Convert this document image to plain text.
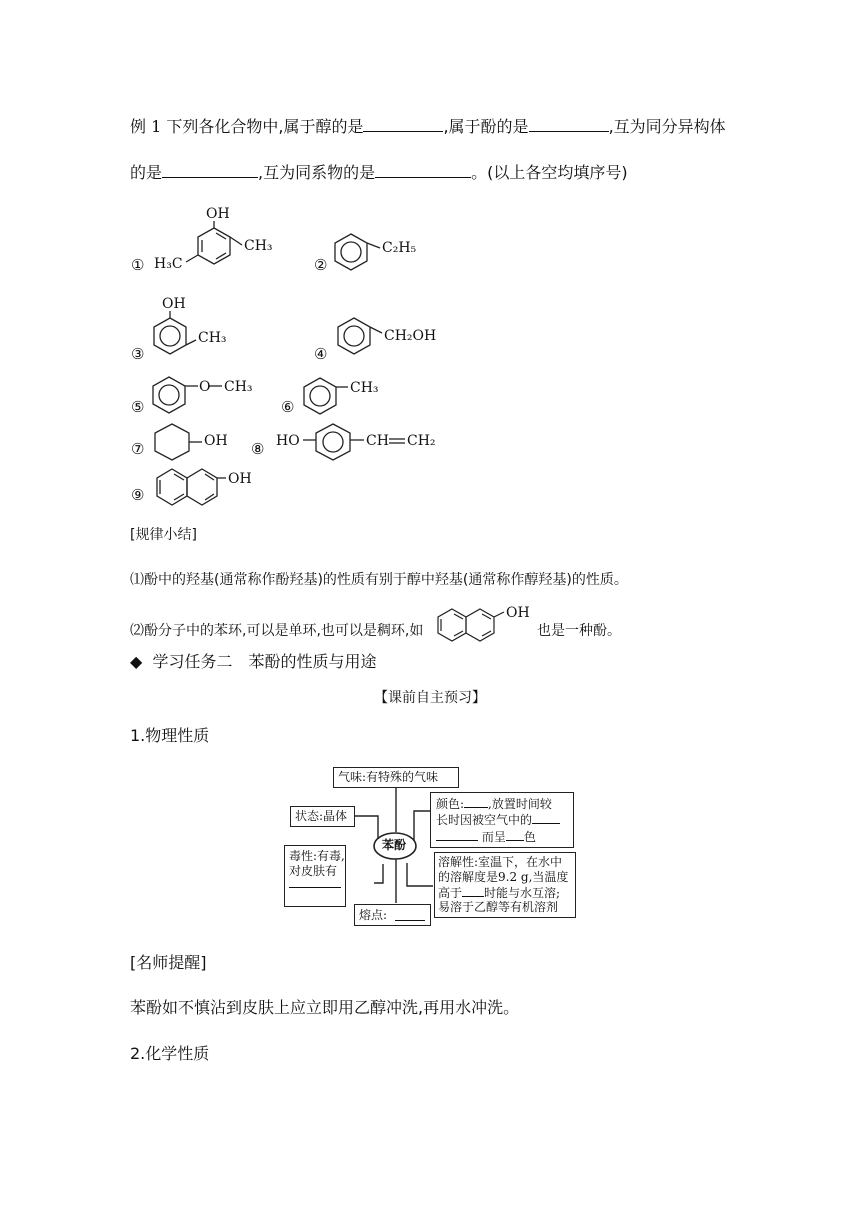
例 1 下列各化合物中,属于醇的是	,属于酚的是	,互为同分异构体
的是	,互为同系物的是	。(以上各空均填序号)
①
OH
CH₃
H₃C	②
C₂H₅
③
OH
CH₃
④
CH₂OH
⑤
O CH₃
⑥
CH₃
⑦	OH ⑧ HO	CH CH₂
⑨
OH
[规律小结]
⑴酚中的羟基(通常称作酚羟基)的性质有别于醇中羟基(通常称作醇羟基)的性质。
⑵酚分子中的苯环,可以是单环,也可以是稠环,如
OH
也是一种酚。
◆ 学习任务二　苯酚的性质与用途
【课前自主预习】
1.物理性质
苯酚
气味:有特殊的气味
状态:晶体
毒性:有毒,
对皮肤有
熔点:
颜色: ,放置时间较
长时因被空气中的
而呈 色
溶解性:室温下，在水中
的溶解度是9.2 g,当温度
高于 时能与水互溶;
易溶于乙醇等有机溶剂
[名师提醒]
苯酚如不慎沾到皮肤上应立即用乙醇冲洗,再用水冲洗。
2.化学性质
